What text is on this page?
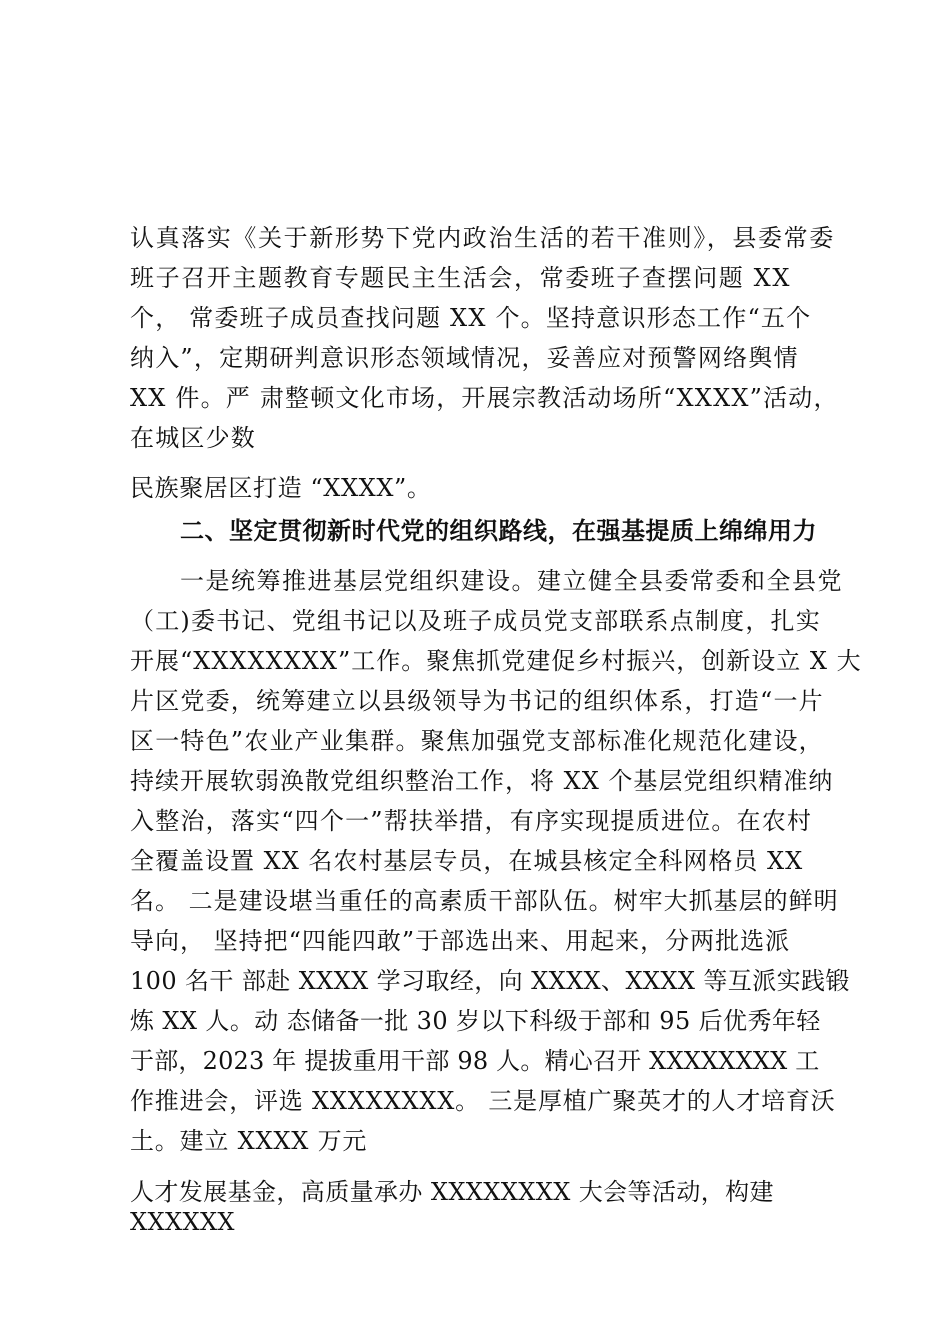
认真落实《关于新形势下党内政治生活的若干准则》，县委常委
班子召开主题教育专题民主生活会，常委班子查摆问题 XX
个， 常委班子成员查找问题 XX 个。坚持意识形态工作“五个
纳入”，定期研判意识形态领域情况，妥善应对预警网络舆情
XX 件。严 肃整顿文化市场，开展宗教活动场所“XXXX”活动，
在城区少数
民族聚居区打造 “XXXX”。
二、坚定贯彻新时代党的组织路线，在强基提质上绵绵用力
一是统筹推进基层党组织建设。建立健全县委常委和全县党
（工)委书记、党组书记以及班子成员党支部联系点制度，扎实
开展“XXXXXXXX”工作。聚焦抓党建促乡村振兴，创新设立 X 大
片区党委，统筹建立以县级领导为书记的组织体系，打造“一片
区一特色”农业产业集群。聚焦加强党支部标准化规范化建设，
持续开展软弱涣散党组织整治工作，将 XX 个基层党组织精准纳
入整治，落实“四个一”帮扶举措，有序实现提质进位。在农村
全覆盖设置 XX 名农村基层专员，在城县核定全科网格员 XX
名。 二是建设堪当重任的高素质干部队伍。树牢大抓基层的鲜明
导向， 坚持把“四能四敢”于部选出来、用起来，分两批选派
100 名干 部赴 XXXX 学习取经，向 XXXX、XXXX 等互派实践锻
炼 XX 人。动 态储备一批 30 岁以下科级于部和 95 后优秀年轻
于部，2023 年 提拔重用干部 98 人。精心召开 XXXXXXXX 工
作推进会，评选 XXXXXXXX。 三是厚植广聚英才的人才培育沃
土。建立 XXXX 万元
人才发展基金，高质量承办 XXXXXXXX 大会等活动，构建
XXXXXX
